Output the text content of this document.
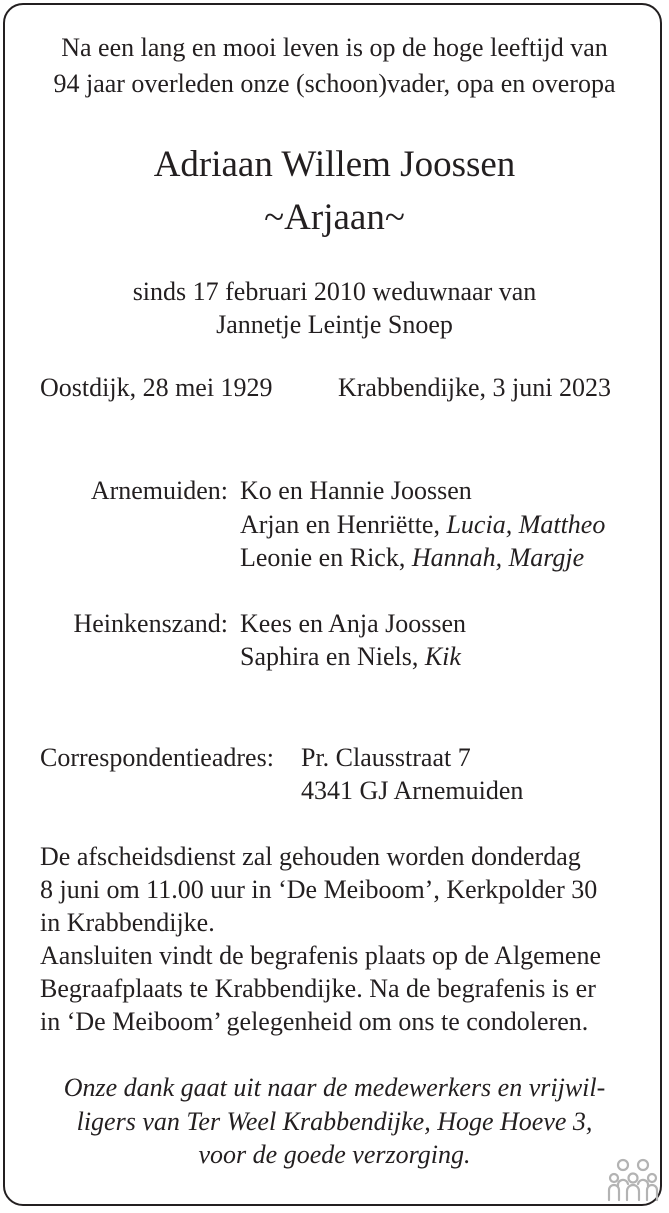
Na een lang en mooi leven is op de hoge leeftijd van
94 jaar overleden onze (schoon)vader, opa en overopa
Adriaan Willem Joossen
~Arjaan~
sinds 17 februari 2010 weduwnaar van
Jannetje Leintje Snoep
Oostdijk, 28 mei 1929	Krabbendijke, 3 juni 2023
Arnemuiden: Ko en Hannie Joossen
Arjan en Henriëtte, Lucia, Mattheo
Leonie en Rick, Hannah, Margje
Heinkenszand: Kees en Anja Joossen
Saphira en Niels, Kik
Correspondentieadres: Pr. Clausstraat 7
4341 GJ Arnemuiden
De afscheidsdienst zal gehouden worden donderdag
8 juni om 11.00 uur in ‘De Meiboom’, Kerkpolder 30
in Krabbendijke.
Aansluiten vindt de begrafenis plaats op de Algemene
Begraafplaats te Krabbendijke. Na de begrafenis is er
in ‘De Meiboom’ gelegenheid om ons te condoleren.
Onze dank gaat uit naar de medewerkers en vrijwil-
ligers van Ter Weel Krabbendijke, Hoge Hoeve 3,
voor de goede verzorging.
